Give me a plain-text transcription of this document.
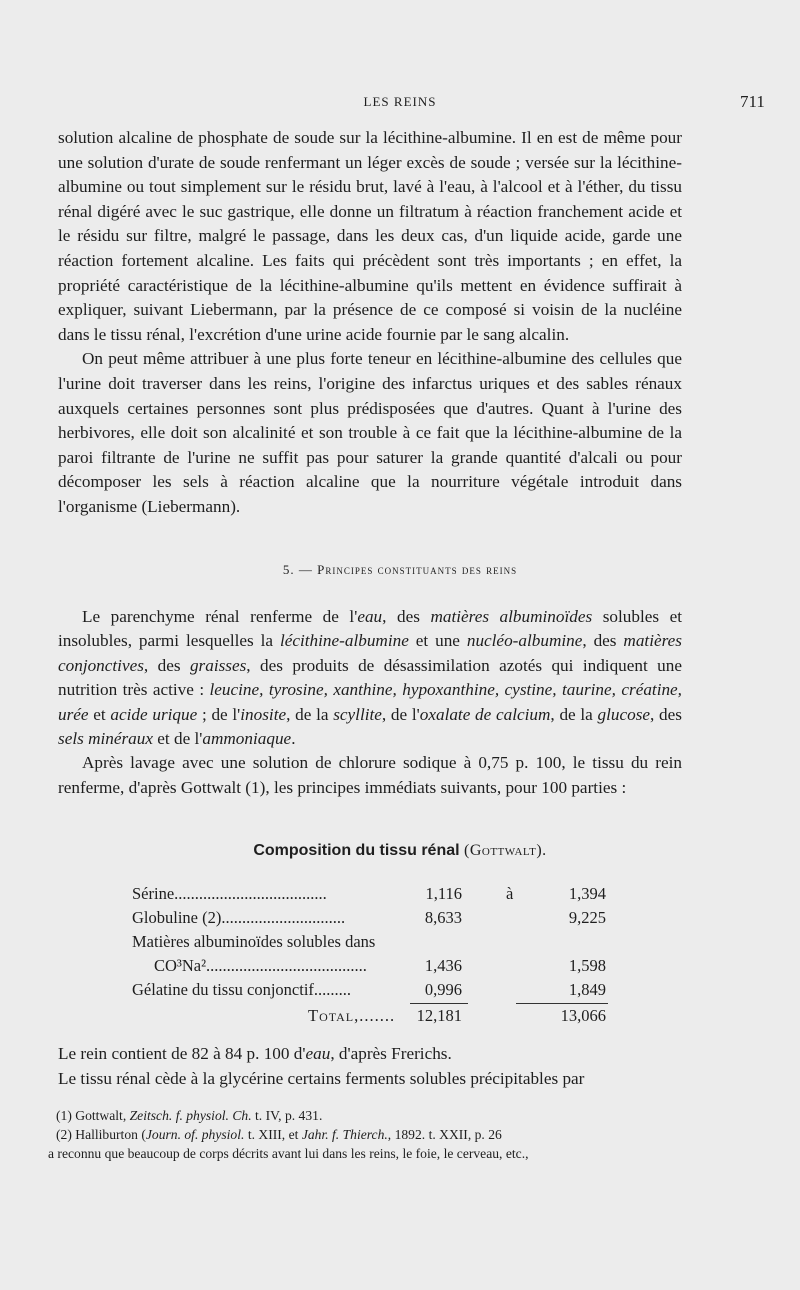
LES REINS	711

solution alcaline de phosphate de soude sur la lécithine-albumine. Il en est de même pour une solution d'urate de soude renfermant un léger excès de soude ; versée sur la lécithine-albumine ou tout simplement sur le résidu brut, lavé à l'eau, à l'alcool et à l'éther, du tissu rénal digéré avec le suc gastrique, elle donne un filtratum à réaction franchement acide et le résidu sur filtre, malgré le passage, dans les deux cas, d'un liquide acide, garde une réaction fortement alcaline. Les faits qui précèdent sont très importants ; en effet, la propriété caractéristique de la lécithine-albumine qu'ils mettent en évidence suffirait à expliquer, suivant Liebermann, par la présence de ce composé si voisin de la nucléine dans le tissu rénal, l'excrétion d'une urine acide fournie par le sang alcalin.

On peut même attribuer à une plus forte teneur en lécithine-albumine des cellules que l'urine doit traverser dans les reins, l'origine des infarctus uriques et des sables rénaux auxquels certaines personnes sont plus prédisposées que d'autres. Quant à l'urine des herbivores, elle doit son alcalinité et son trouble à ce fait que la lécithine-albumine de la paroi filtrante de l'urine ne suffit pas pour saturer la grande quantité d'alcali ou pour décomposer les sels à réaction alcaline que la nourriture végétale introduit dans l'organisme (Liebermann).

5. — Principes constituants des reins

Le parenchyme rénal renferme de l'eau, des matières albuminoïdes solubles et insolubles, parmi lesquelles la lécithine-albumine et une nucléo-albumine, des matières conjonctives, des graisses, des produits de désassimilation azotés qui indiquent une nutrition très active : leucine, tyrosine, xanthine, hypoxanthine, cystine, taurine, créatine, urée et acide urique ; de l'inosite, de la scyllite, de l'oxalate de calcium, de la glucose, des sels minéraux et de l'ammoniaque.

Après lavage avec une solution de chlorure sodique à 0,75 p. 100, le tissu du rein renferme, d'après Gottwalt (1), les principes immédiats suivants, pour 100 parties :

Composition du tissu rénal (Gottwalt).
Sérine.....................................	1,116	à	1,394
Globuline (2)..............................	8,633	9,225
Matières albuminoïdes solubles dans
CO³Na².......................................	1,436	1,598
Gélatine du tissu conjonctif.........	0,996	1,849
Total,....... 12,181	13,066

Le rein contient de 82 à 84 p. 100 d'eau, d'après Frerichs.

Le tissu rénal cède à la glycérine certains ferments solubles précipitables par

(1) Gottwalt, Zeitsch. f. physiol. Ch. t. IV, p. 431.

(2) Halliburton (Journ. of. physiol. t. XIII, et Jahr. f. Thierch., 1892. t. XXII, p. 26

a reconnu que beaucoup de corps décrits avant lui dans les reins, le foie, le cerveau, etc.,
